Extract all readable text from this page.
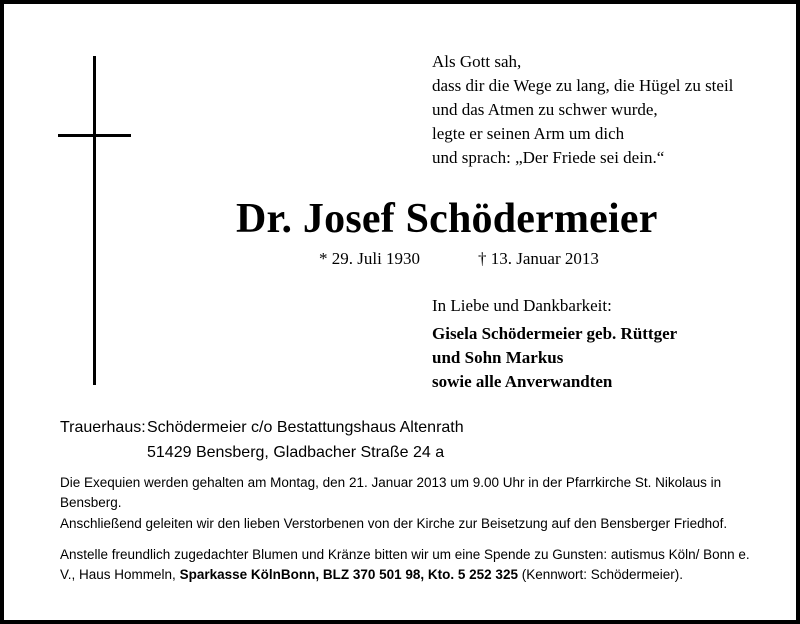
Als Gott sah,
dass dir die Wege zu lang, die Hügel zu steil
und das Atmen zu schwer wurde,
legte er seinen Arm um dich
und sprach: „Der Friede sei dein.“
Dr. Josef Schödermeier
* 29. Juli 1930	† 13. Januar 2013
In Liebe und Dankbarkeit:
Gisela Schödermeier geb. Rüttger
und Sohn Markus
sowie alle Anverwandten
Trauerhaus: Schödermeier c/o Bestattungshaus Altenrath
51429 Bensberg, Gladbacher Straße 24 a
Die Exequien werden gehalten am Montag, den 21. Januar 2013 um 9.00 Uhr in der Pfarrkirche St. Nikolaus in Bensberg.
Anschließend geleiten wir den lieben Verstorbenen von der Kirche zur Beisetzung auf den Bensberger Friedhof.
Anstelle freundlich zugedachter Blumen und Kränze bitten wir um eine Spende zu Gunsten: autismus Köln/ Bonn e. V., Haus Hommeln, Sparkasse KölnBonn, BLZ 370 501 98, Kto. 5 252 325 (Kennwort: Schödermeier).
